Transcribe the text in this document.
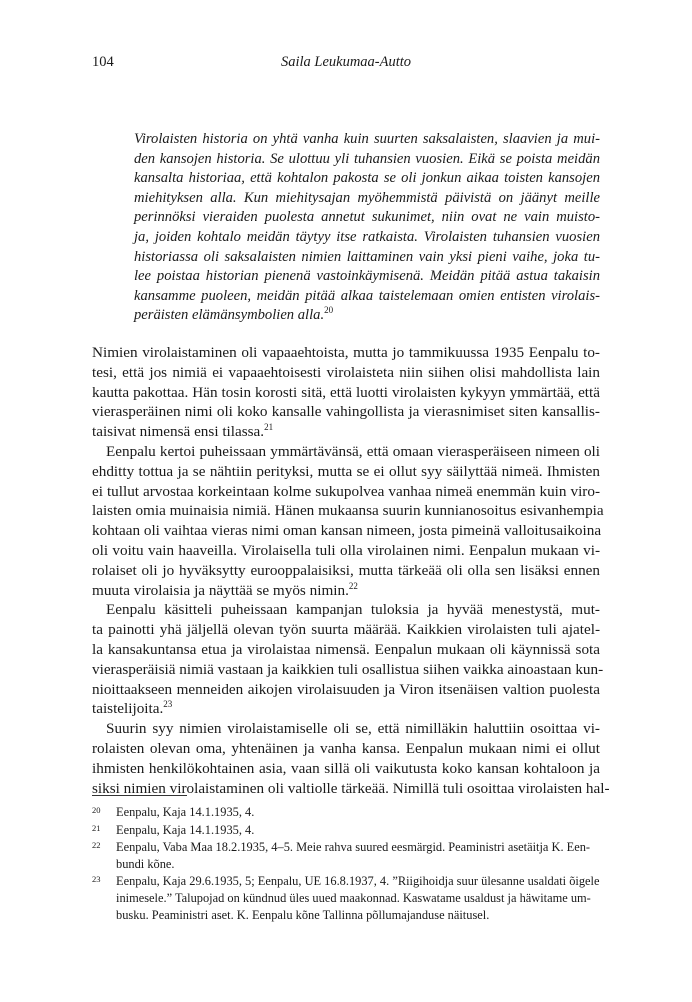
104	Saila Leukumaa-Autto
Virolaisten historia on yhtä vanha kuin suurten saksalaisten, slaavien ja mui-
den kansojen historia. Se ulottuu yli tuhansien vuosien. Eikä se poista meidän
kansalta historiaa, että kohtalon pakosta se oli jonkun aikaa toisten kansojen
miehityksen alla. Kun miehitysajan myöhemmistä päivistä on jäänyt meille
perinnöksi vieraiden puolesta annetut sukunimet, niin ovat ne vain muisto-
ja, joiden kohtalo meidän täytyy itse ratkaista. Virolaisten tuhansien vuosien
historiassa oli saksalaisten nimien laittaminen vain yksi pieni vaihe, joka tu-
lee poistaa historian pienenä vastoinkäymisenä. Meidän pitää astua takaisin
kansamme puoleen, meidän pitää alkaa taistelemaan omien entisten virolais-
peräisten elämänsymbolien alla.$^{20}$
Nimien virolaistaminen oli vapaaehtoista, mutta jo tammikuussa 1935 Eenpalu to-
tesi, että jos nimiä ei vapaaehtoisesti virolaisteta niin siihen olisi mahdollista lain
kautta pakottaa. Hän tosin korosti sitä, että luotti virolaisten kykyyn ymmärtää, että
vierasperäinen nimi oli koko kansalle vahingollista ja vierasnimiset siten kansallis-
taisivat nimensä ensi tilassa.$^{21}$
Eenpalu kertoi puheissaan ymmärtävänsä, että omaan vierasperäiseen nimeen oli
ehditty tottua ja se nähtiin perityksi, mutta se ei ollut syy säilyttää nimeä. Ihmisten
ei tullut arvostaa korkeintaan kolme sukupolvea vanhaa nimeä enemmän kuin viro-
laisten omia muinaisia nimiä. Hänen mukaansa suurin kunnianosoitus esivanhempia
kohtaan oli vaihtaa vieras nimi oman kansan nimeen, josta pimeinä valloitusaikoina
oli voitu vain haaveilla. Virolaisella tuli olla virolainen nimi. Eenpalun mukaan vi-
rolaiset oli jo hyväksytty eurooppalaisiksi, mutta tärkeää oli olla sen lisäksi ennen
muuta virolaisia ja näyttää se myös nimin.$^{22}$
Eenpalu käsitteli puheissaan kampanjan tuloksia ja hyvää menestystä, mut-
ta painotti yhä jäljellä olevan työn suurta määrää. Kaikkien virolaisten tuli ajatel-
la kansakuntansa etua ja virolaistaa nimensä. Eenpalun mukaan oli käynnissä sota
vierasperäisiä nimiä vastaan ja kaikkien tuli osallistua siihen vaikka ainoastaan kun-
nioittaakseen menneiden aikojen virolaisuuden ja Viron itsenäisen valtion puolesta
taistelijoita.$^{23}$
Suurin syy nimien virolaistamiselle oli se, että nimilläkin haluttiin osoittaa vi-
rolaisten olevan oma, yhtenäinen ja vanha kansa. Eenpalun mukaan nimi ei ollut
ihmisten henkilökohtainen asia, vaan sillä oli vaikutusta koko kansan kohtaloon ja
siksi nimien virolaistaminen oli valtiolle tärkeää. Nimillä tuli osoittaa virolaisten hal-
20 Eenpalu, Kaja 14.1.1935, 4.
21 Eenpalu, Kaja 14.1.1935, 4.
22 Eenpalu, Vaba Maa 18.2.1935, 4–5. Meie rahva suured eesmärgid. Peaministri asetäitja K. Een-
bundi kõne.
23 Eenpalu, Kaja 29.6.1935, 5; Eenpalu, UE 16.8.1937, 4. ”Riigihoidja suur ülesanne usaldati õigele
inimesele.” Talupojad on kündnud üles uued maakonnad. Kaswatame usaldust ja häwitame um-
busku. Peaministri aset. K. Eenpalu kõne Tallinna põllumajanduse näitusel.
